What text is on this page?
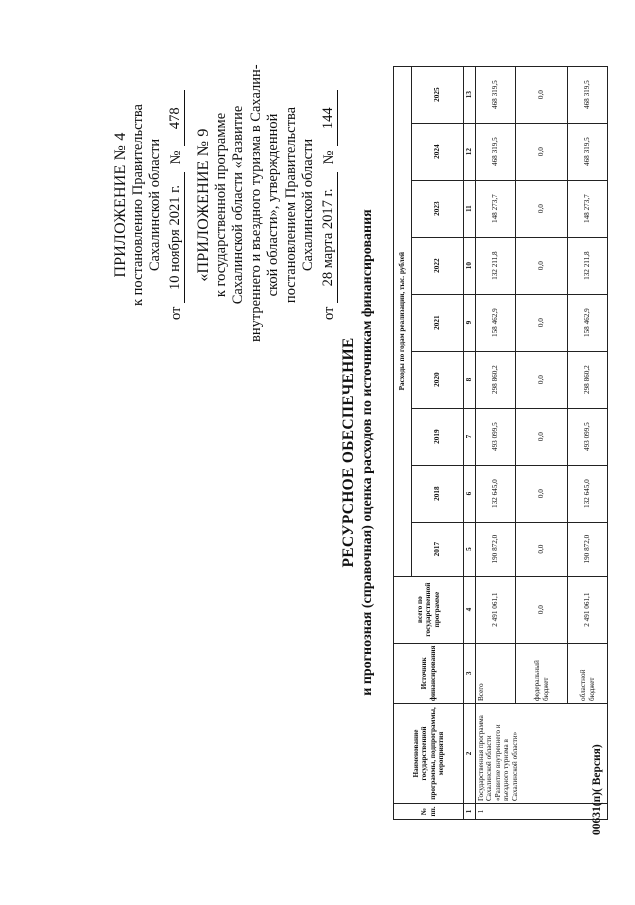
ПРИЛОЖЕНИЕ № 4 к постановлению Правительства Сахалинской области
от
10 ноября 2021 г.
№
478
«ПРИЛОЖЕНИЕ № 9 к государственной программе Сахалинской области «Развитие внутреннего и въездного туризма в Сахалин- ской области», утвержденной постановлением Правительства Сахалинской области
от
28 марта 2017 г.
№
144
РЕСУРСНОЕ ОБЕСПЕЧЕНИЕ и прогнозная (справочная) оценка расходов по источникам финансирования
№ пп.	Наименование государственной программы, подпрограммы, мероприятия	Источник финансирования	всего по государственной программе	Расходы по годам реализации, тыс. рублей								
				2017	2018	2019	2020	2021	2022	2023	2024	2025
1	2	3	4	5	6	7	8	9	10	11	12	13
1	Государственная программа Сахалинской области «Развитие внутреннего и въездного туризма в Сахалинской области»	Всего	2 491 061,1	190 872,0	132 645,0	493 099,5	298 860,2	158 462,9	132 211,8	148 273,7	468 319,5	468 319,5
		федеральный бюджет	0,0	0,0	0,0	0,0	0,0	0,0	0,0	0,0	0,0	0,0
		областной бюджет	2 491 061,1	190 872,0	132 645,0	493 099,5	298 860,2	158 462,9	132 211,8	148 273,7	468 319,5	468 319,5
00631(п)( Версия)
